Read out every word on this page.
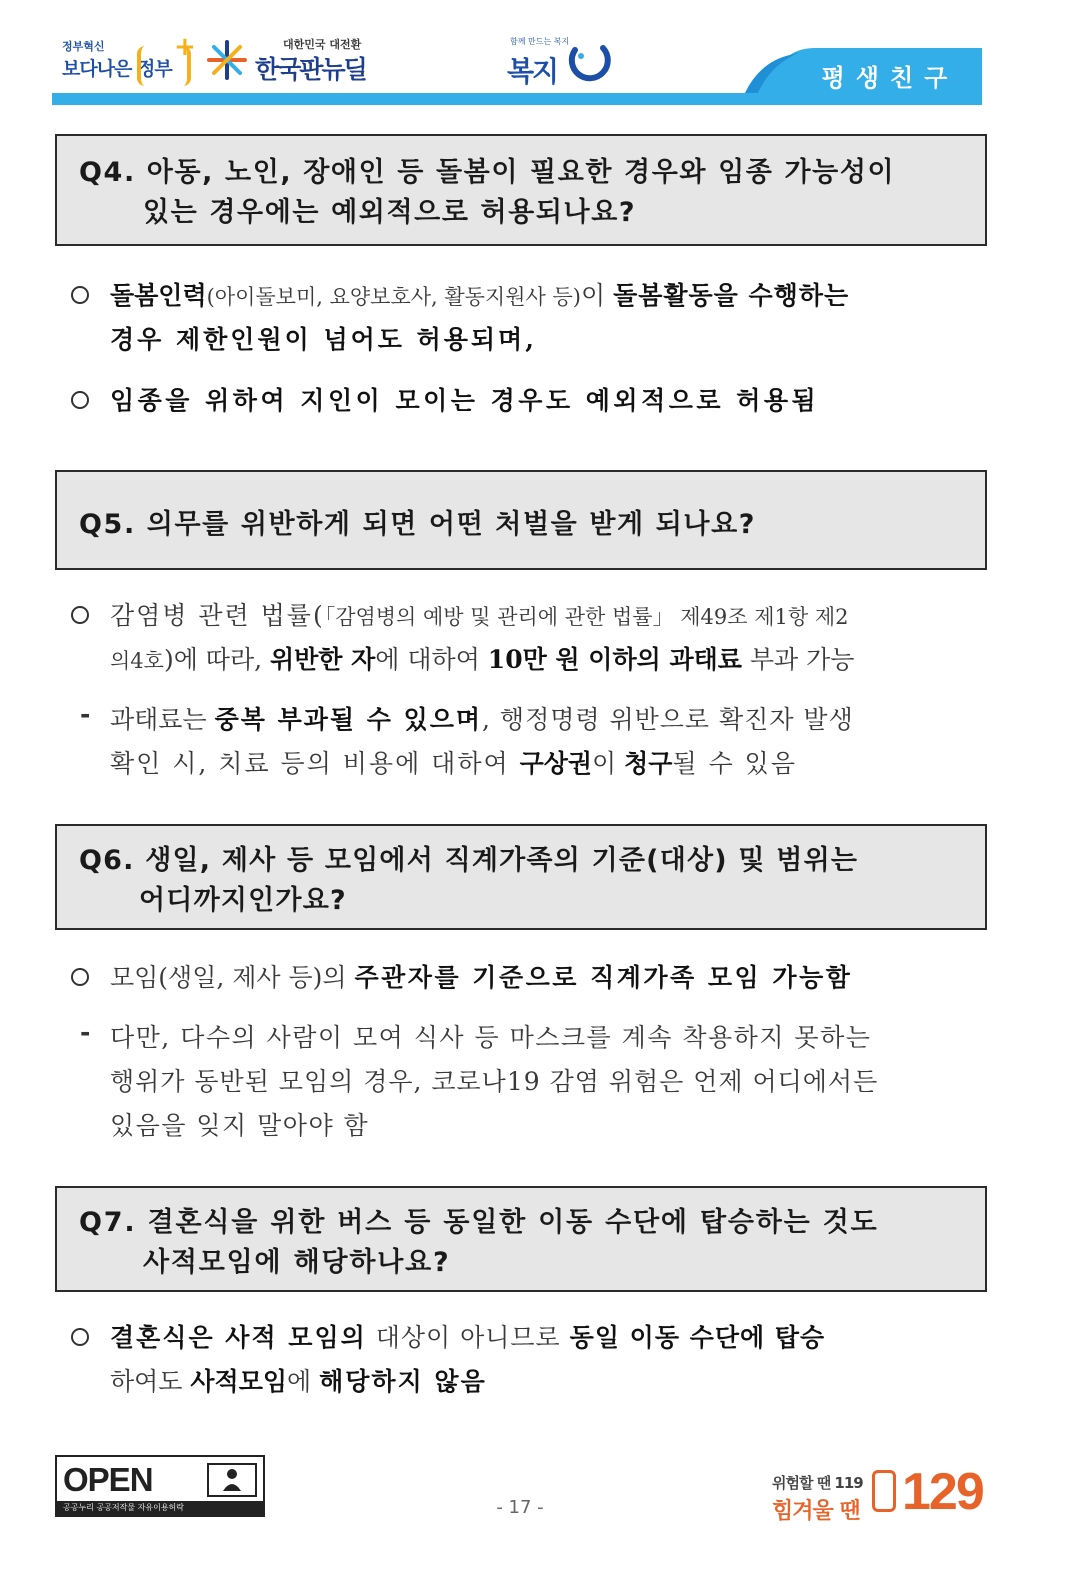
평생친구
정부혁신
보다나은 정부
+	대한민국 대전환
한국판뉴딜
함께 만드는 복지
복지
Q4. 아동, 노인, 장애인 등 돌봄이 필요한 경우와 임종 가능성이
있는 경우에는 예외적으로 허용되나요?
돌봄인력(아이돌보미, 요양보호사, 활동지원사 등)이 돌봄활동을 수행하는
경우 제한인원이 넘어도 허용되며,
임종을 위하여 지인이 모이는 경우도 예외적으로 허용됨
Q5. 의무를 위반하게 되면 어떤 처벌을 받게 되나요?
감염병 관련 법률(「감염병의 예방 및 관리에 관한 법률」 제49조 제1항 제2
의4호)에 따라, 위반한 자에 대하여 10만 원 이하의 과태료 부과 가능
- 과태료는 중복 부과될 수 있으며, 행정명령 위반으로 확진자 발생
확인 시, 치료 등의 비용에 대하여 구상권이 청구될 수 있음
Q6. 생일, 제사 등 모임에서 직계가족의 기준(대상) 및 범위는
어디까지인가요?
모임(생일, 제사 등)의 주관자를 기준으로 직계가족 모임 가능함
- 다만, 다수의 사람이 모여 식사 등 마스크를 계속 착용하지 못하는
행위가 동반된 모임의 경우, 코로나19 감염 위험은 언제 어디에서든
있음을 잊지 말아야 함
Q7. 결혼식을 위한 버스 등 동일한 이동 수단에 탑승하는 것도
사적모임에 해당하나요?
결혼식은 사적 모임의 대상이 아니므로 동일 이동 수단에 탑승
하여도 사적모임에 해당하지 않음
OPEN
공공누리 공공저작물 자유이용허락	- 17 -
위험할 땐 119
힘겨울 땐 129
